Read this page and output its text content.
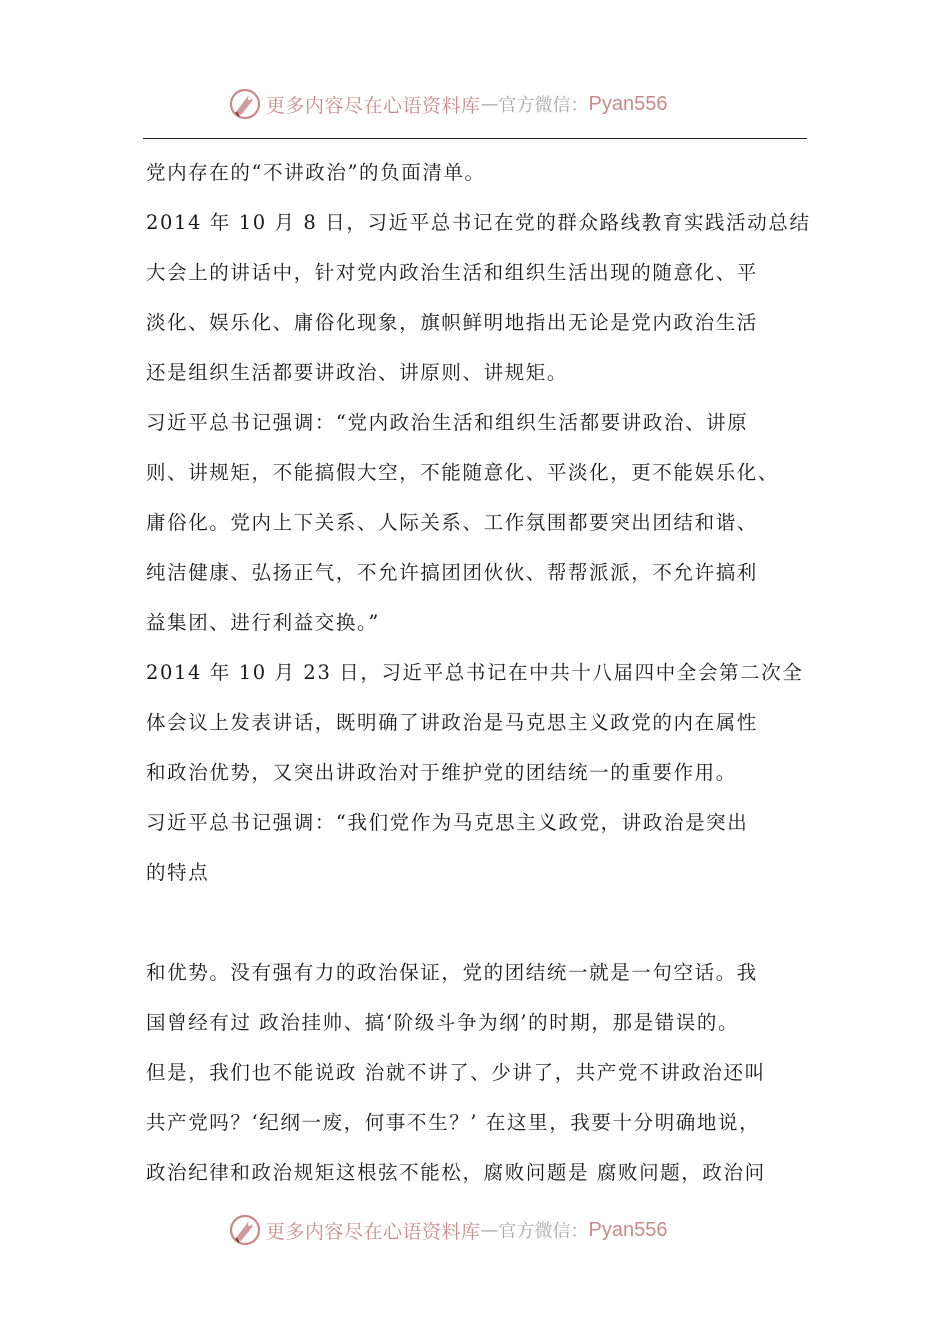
更多内容尽在心语资料库 — 官方微信： Pyan556
党内存在的“不讲政治”的负面清单。
2014 年 10 月 8 日，习近平总书记在党的群众路线教育实践活动总结
大会上的讲话中，针对党内政治生活和组织生活出现的随意化、平
淡化、娱乐化、庸俗化现象，旗帜鲜明地指出无论是党内政治生活
还是组织生活都要讲政治、讲原则、讲规矩。
习近平总书记强调：“党内政治生活和组织生活都要讲政治、讲原
则、讲规矩，不能搞假大空，不能随意化、平淡化，更不能娱乐化、
庸俗化。党内上下关系、人际关系、工作氛围都要突出团结和谐、
纯洁健康、弘扬正气，不允许搞团团伙伙、帮帮派派，不允许搞利
益集团、进行利益交换。”
2014 年 10 月 23 日，习近平总书记在中共十八届四中全会第二次全
体会议上发表讲话，既明确了讲政治是马克思主义政党的内在属性
和政治优势，又突出讲政治对于维护党的团结统一的重要作用。
习近平总书记强调：“我们党作为马克思主义政党，讲政治是突出
的特点
和优势。没有强有力的政治保证，党的团结统一就是一句空话。我
国曾经有过 政治挂帅、搞‘阶级斗争为纲’的时期，那是错误的。
但是，我们也不能说政 治就不讲了、少讲了，共产党不讲政治还叫
共产党吗？‘纪纲一废，何事不生？’ 在这里，我要十分明确地说，
政治纪律和政治规矩这根弦不能松，腐败问题是 腐败问题，政治问
更多内容尽在心语资料库 — 官方微信： Pyan556
